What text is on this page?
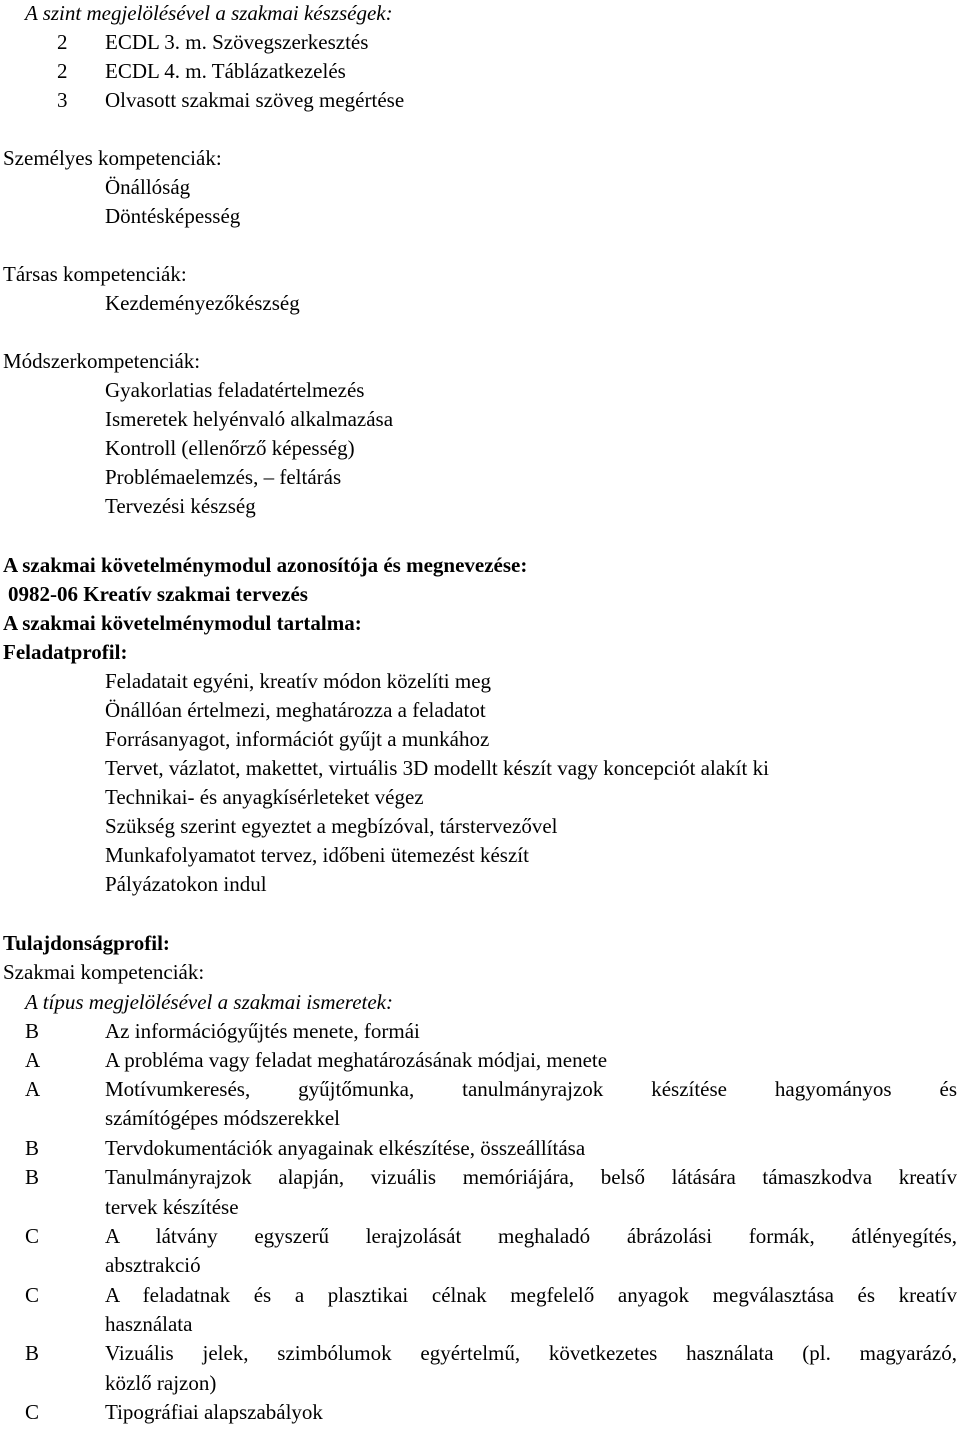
A szint megjelölésével a szakmai készségek:
2	ECDL 3. m. Szövegszerkesztés
2	ECDL 4. m. Táblázatkezelés
3	Olvasott szakmai szöveg megértése
Személyes kompetenciák:
Önállóság
Döntésképesség
Társas kompetenciák:
Kezdeményezőkészség
Módszerkompetenciák:
Gyakorlatias feladatértelmezés
Ismeretek helyénvaló alkalmazása
Kontroll (ellenőrző képesség)
Problémaelemzés, – feltárás
Tervezési készség
A szakmai követelménymodul azonosítója és megnevezése:
0982-06 Kreatív szakmai tervezés
A szakmai követelménymodul tartalma:
Feladatprofil:
Feladatait egyéni, kreatív módon közelíti meg
Önállóan értelmezi, meghatározza a feladatot
Forrásanyagot, információt gyűjt a munkához
Tervet, vázlatot, makettet, virtuális 3D modellt készít vagy koncepciót alakít ki
Technikai- és anyagkísérleteket végez
Szükség szerint egyeztet a megbízóval, társtervezővel
Munkafolyamatot tervez, időbeni ütemezést készít
Pályázatokon indul
Tulajdonságprofil:
Szakmai kompetenciák:
A típus megjelölésével a szakmai ismeretek:
B	Az információgyűjtés menete, formái
A	A probléma vagy feladat meghatározásának módjai, menete
A	Motívumkeresés, gyűjtőmunka, tanulmányrajzok készítése hagyományos és
számítógépes módszerekkel
B	Tervdokumentációk anyagainak elkészítése, összeállítása
B	Tanulmányrajzok alapján, vizuális memóriájára, belső látására támaszkodva kreatív
tervek készítése
C	A látvány egyszerű lerajzolását meghaladó ábrázolási formák, átlényegítés,
absztrakció
C	A feladatnak és a plasztikai célnak megfelelő anyagok megválasztása és kreatív
használata
B	Vizuális jelek, szimbólumok egyértelmű, következetes használata (pl. magyarázó,
közlő rajzon)
C	Tipográfiai alapszabályok
